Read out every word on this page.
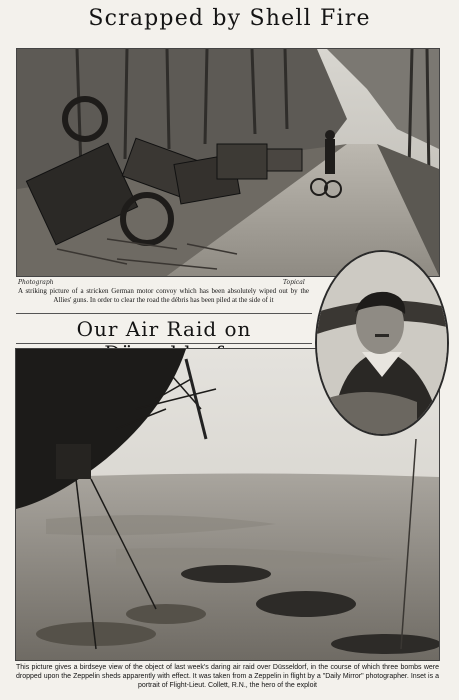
Scrapped by Shell Fire
Photograph	Topical
A striking picture of a stricken German motor convoy which has been absolutely wiped out by the Allies' guns. In order to clear the road the débris has been piled at the side of it
Our Air Raid on
This picture gives a birdseye view of the object of last week's daring air raid over Düsseldorf, in the course of which three bombs were dropped upon the Zeppelin sheds apparently with effect. It was taken from a Zeppelin in flight by a "Daily Mirror" photographer. Inset is a portrait of Flight-Lieut. Collett, R.N., the hero of the exploit
